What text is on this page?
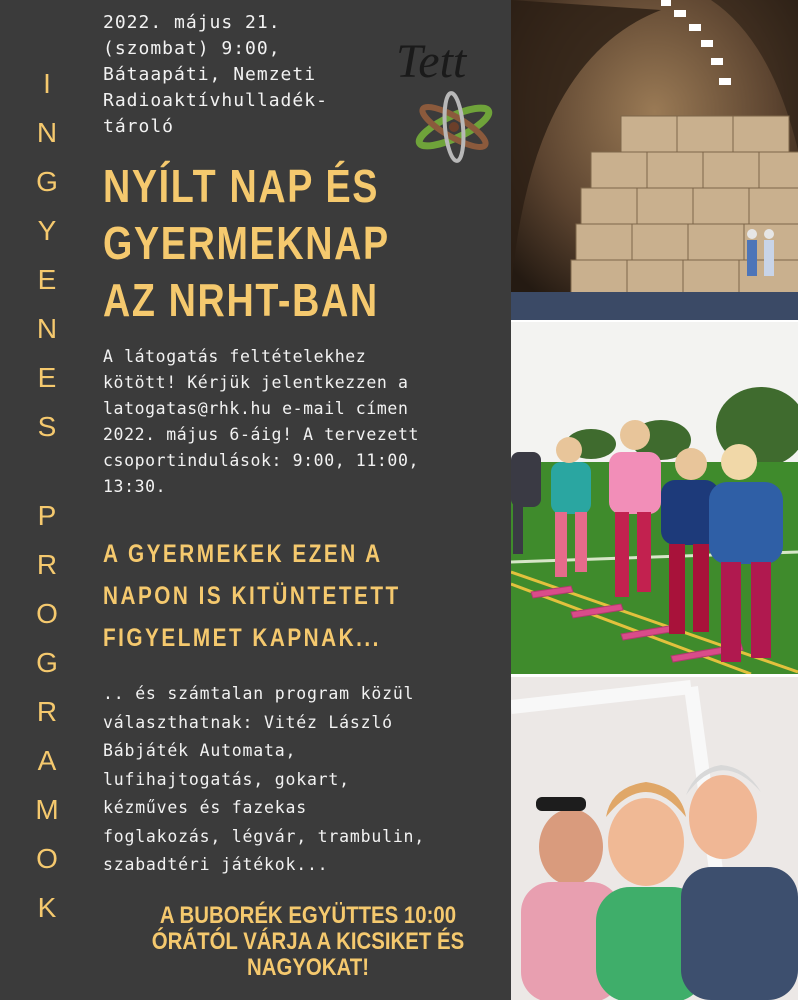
I
N
G
Y
E
N
E
S
P
R
O
G
R
A
M
O
K
2022. május 21.
(szombat) 9:00,
Bátaapáti, Nemzeti
Radioaktívhulladék-
tároló
Tett
NYÍLT NAP ÉS
GYERMEKNAP
AZ NRHT-BAN
A látogatás feltételekhez
kötött! Kérjük jelentkezzen a
latogatas@rhk.hu e-mail címen
2022. május 6-áig! A tervezett
csoportindulások: 9:00, 11:00,
13:30.
A GYERMEKEK EZEN A
NAPON IS KITÜNTETETT
FIGYELMET KAPNAK...
.. és számtalan program közül
választhatnak: Vitéz László
Bábjáték Automata,
lufihajtogatás, gokart,
kézműves és fazekas
foglakozás, légvár, trambulin,
szabadtéri játékok...
A BUBORÉK EGYÜTTES 10:00
ÓRÁTÓL VÁRJA A KICSIKET ÉS
NAGYOKAT!
